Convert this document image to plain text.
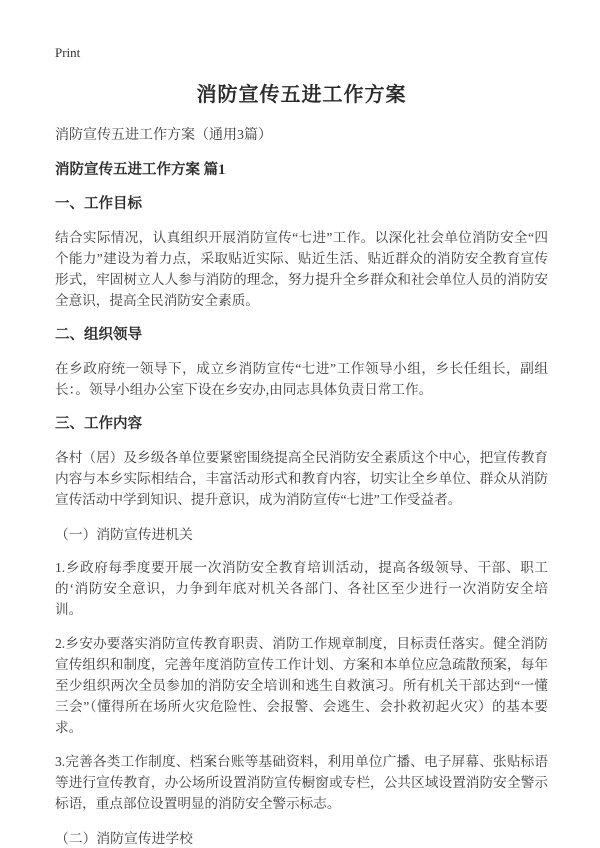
Print
消防宣传五进工作方案

消防宣传五进工作方案（通用3篇）

消防宣传五进工作方案 篇1
一、工作目标

结合实际情况，认真组织开展消防宣传“七进”工作。以深化社会单位消防安全“四个能力”建设为着力点，采取贴近实际、贴近生活、贴近群众的消防安全教育宣传形式，牢固树立人人参与消防的理念，努力提升全乡群众和社会单位人员的消防安全意识，提高全民消防安全素质。

二、组织领导

在乡政府统一领导下，成立乡消防宣传“七进”工作领导小组，乡长任组长，副组长：。领导小组办公室下设在乡安办,由同志具体负责日常工作。

三、工作内容

各村（居）及乡级各单位要紧密围绕提高全民消防安全素质这个中心，把宣传教育内容与本乡实际相结合，丰富活动形式和教育内容，切实让全乡单位、群众从消防宣传活动中学到知识、提升意识，成为消防宣传“七进”工作受益者。

（一）消防宣传进机关

1.乡政府每季度要开展一次消防安全教育培训活动，提高各级领导、干部、职工的‘消防安全意识，力争到年底对机关各部门、各社区至少进行一次消防安全培训。

2.乡安办要落实消防宣传教育职责、消防工作规章制度，目标责任落实。健全消防宣传组织和制度，完善年度消防宣传工作计划、方案和本单位应急疏散预案，每年至少组织两次全员参加的消防安全培训和逃生自救演习。所有机关干部达到“一懂三会”（懂得所在场所火灾危险性、会报警、会逃生、会扑救初起火灾）的基本要求。

3.完善各类工作制度、档案台账等基础资料，利用单位广播、电子屏幕、张贴标语等进行宣传教育，办公场所设置消防宣传橱窗或专栏，公共区域设置消防安全警示标语，重点部位设置明显的消防安全警示标志。

（二）消防宣传进学校
